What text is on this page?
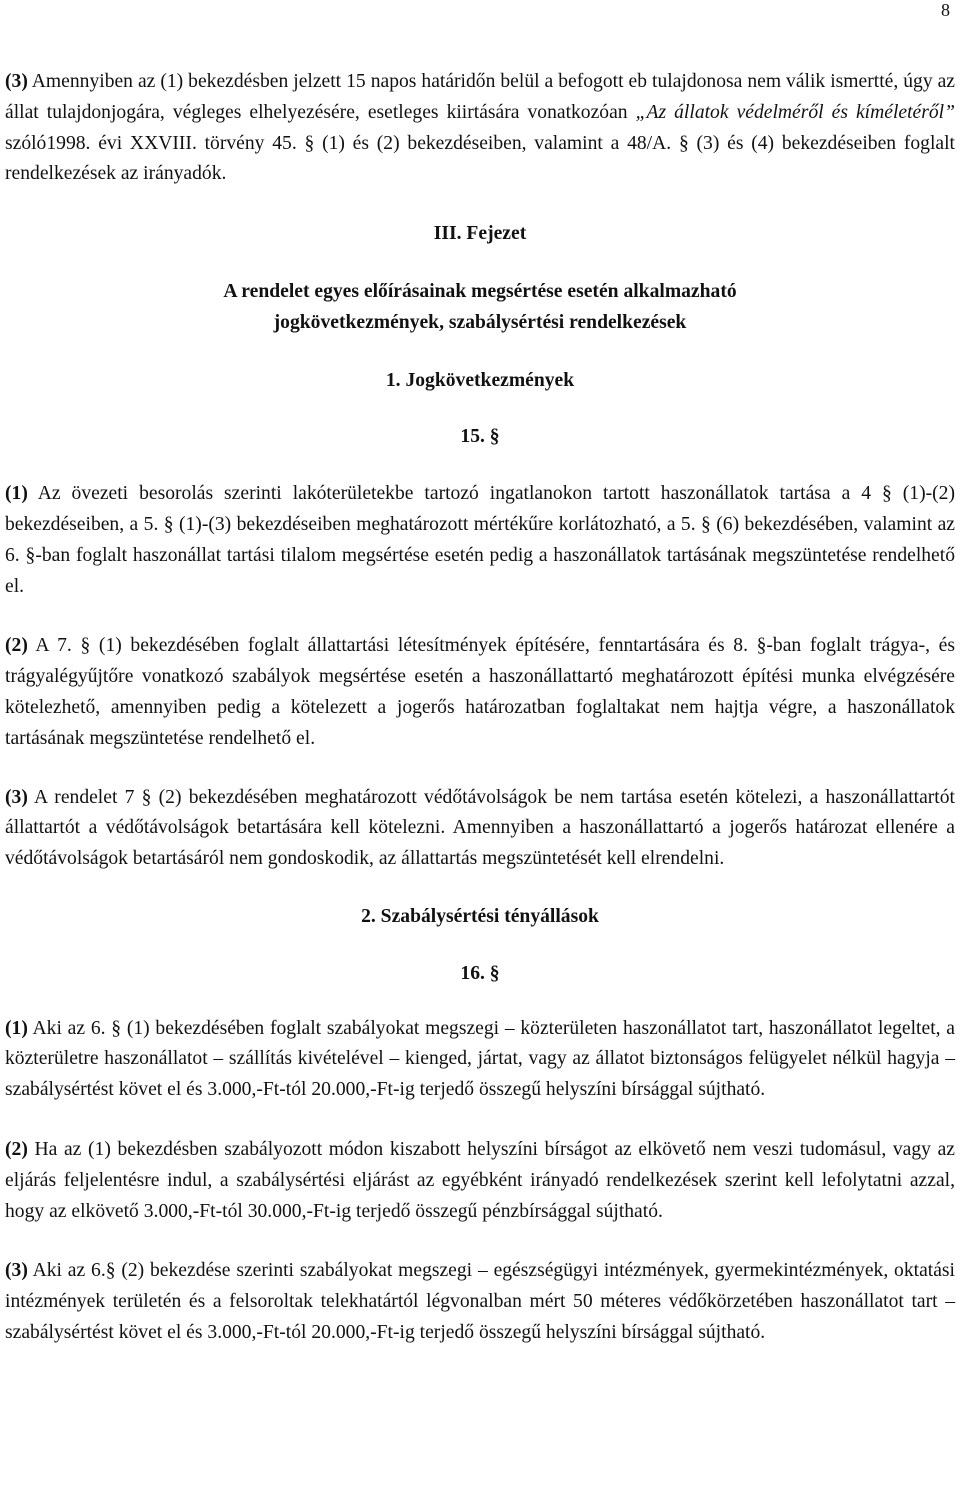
8

(3) Amennyiben az (1) bekezdésben jelzett 15 napos határidőn belül a befogott eb tulajdonosa nem válik ismertté, úgy az állat tulajdonjogára, végleges elhelyezésére, esetleges kiirtására vonatkozóan „Az állatok védelméről és kíméletéről” szóló1998. évi XXVIII. törvény 45. § (1) és (2) bekezdéseiben, valamint a 48/A. § (3) és (4) bekezdéseiben foglalt rendelkezések az irányadók.

III. Fejezet

A rendelet egyes előírásainak megsértése esetén alkalmazható

jogkövetkezmények, szabálysértési rendelkezések

1. Jogkövetkezmények

15. §

(1) Az övezeti besorolás szerinti lakóterületekbe tartozó ingatlanokon tartott haszonállatok tartása a 4 § (1)-(2) bekezdéseiben, a 5. § (1)-(3) bekezdéseiben meghatározott mértékűre korlátozható, a 5. § (6) bekezdésében, valamint az 6. §-ban foglalt haszonállat tartási tilalom megsértése esetén pedig a haszonállatok tartásának megszüntetése rendelhető el.

(2) A 7. § (1) bekezdésében foglalt állattartási létesítmények építésére, fenntartására és 8. §-ban foglalt trágya-, és trágyalégyűjtőre vonatkozó szabályok megsértése esetén a haszonállattartó meghatározott építési munka elvégzésére kötelezhető, amennyiben pedig a kötelezett a jogerős határozatban foglaltakat nem hajtja végre, a haszonállatok tartásának megszüntetése rendelhető el.

(3) A rendelet 7 § (2) bekezdésében meghatározott védőtávolságok be nem tartása esetén kötelezi, a haszonállattartót állattartót a védőtávolságok betartására kell kötelezni. Amennyiben a haszonállattartó a jogerős határozat ellenére a védőtávolságok betartásáról nem gondoskodik, az állattartás megszüntetését kell elrendelni.

2. Szabálysértési tényállások

16. §

(1) Aki az 6. § (1) bekezdésében foglalt szabályokat megszegi – közterületen haszonállatot tart, haszonállatot legeltet, a közterületre haszonállatot – szállítás kivételével – kienged, jártat, vagy az állatot biztonságos felügyelet nélkül hagyja – szabálysértést követ el és 3.000,-Ft-tól 20.000,-Ft-ig terjedő összegű helyszíni bírsággal sújtható.

(2) Ha az (1) bekezdésben szabályozott módon kiszabott helyszíni bírságot az elkövető nem veszi tudomásul, vagy az eljárás feljelentésre indul, a szabálysértési eljárást az egyébként irányadó rendelkezések szerint kell lefolytatni azzal, hogy az elkövető 3.000,-Ft-tól 30.000,-Ft-ig terjedő összegű pénzbírsággal sújtható.

(3) Aki az 6.§ (2) bekezdése szerinti szabályokat megszegi – egészségügyi intézmények, gyermekintézmények, oktatási intézmények területén és a felsoroltak telekhatártól légvonalban mért 50 méteres védőkörzetében haszonállatot tart – szabálysértést követ el és 3.000,-Ft-tól 20.000,-Ft-ig terjedő összegű helyszíni bírsággal sújtható.
